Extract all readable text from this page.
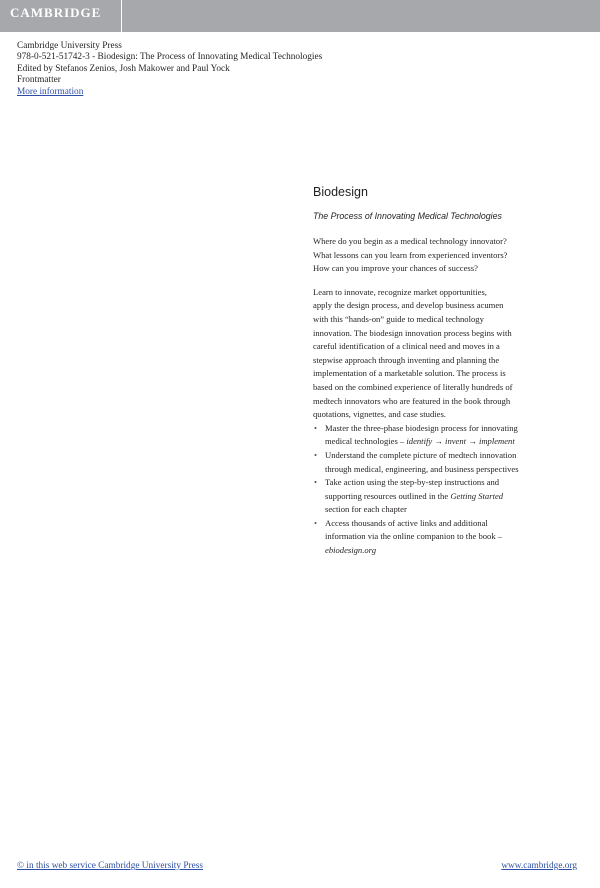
CAMBRIDGE
Cambridge University Press
978-0-521-51742-3 - Biodesign: The Process of Innovating Medical Technologies
Edited by Stefanos Zenios, Josh Makower and Paul Yock
Frontmatter
More information
Biodesign
The Process of Innovating Medical Technologies

Where do you begin as a medical technology innovator?

What lessons can you learn from experienced inventors?

How can you improve your chances of success?

Learn to innovate, recognize market opportunities,

apply the design process, and develop business acumen

with this “hands-on” guide to medical technology

innovation. The biodesign innovation process begins with

careful identification of a clinical need and moves in a

stepwise approach through inventing and planning the

implementation of a marketable solution. The process is

based on the combined experience of literally hundreds of

medtech innovators who are featured in the book through

quotations, vignettes, and case studies.

• Master the three-phase biodesign process for innovating
medical technologies – identify → invent → implement
• Understand the complete picture of medtech innovation
through medical, engineering, and business perspectives
• Take action using the step-by-step instructions and
supporting resources outlined in the Getting Started
section for each chapter
• Access thousands of active links and additional
information via the online companion to the book –
ebiodesign.org
© in this web service Cambridge University Press	www.cambridge.org
